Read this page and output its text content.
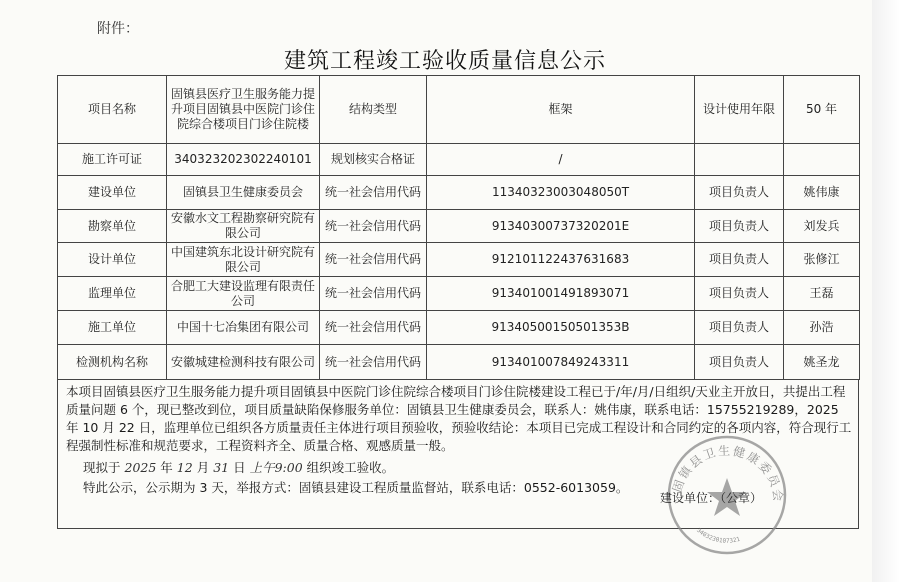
附件：
建筑工程竣工验收质量信息公示
项目名称	固镇县医疗卫生服务能力提升项目固镇县中医院门诊住院综合楼项目门诊住院楼	结构类型	框架	设计使用年限	50 年
施工许可证	340323202302240101	规划核实合格证	/		
建设单位	固镇县卫生健康委员会	统一社会信用代码	11340323003048050T	项目负责人	姚伟康
勘察单位	安徽水文工程勘察研究院有限公司	统一社会信用代码	91340300737320201E	项目负责人	刘发兵
设计单位	中国建筑东北设计研究院有限公司	统一社会信用代码	912101122437631683	项目负责人	张修江
监理单位	合肥工大建设监理有限责任公司	统一社会信用代码	913401001491893071	项目负责人	王磊
施工单位	中国十七冶集团有限公司	统一社会信用代码	91340500150501353B	项目负责人	孙浩
检测机构名称	安徽城建检测科技有限公司	统一社会信用代码	913401007849243311	项目负责人	姚圣龙
本项目固镇县医疗卫生服务能力提升项目固镇县中医院门诊住院综合楼项目门诊住院楼建设工程已于/年/月/日组织/天业主开放日，共提出工程质量问题 6 个，现已整改到位，项目质量缺陷保修服务单位：固镇县卫生健康委员会，联系人：姚伟康，联系电话：15755219289，2025 年 10 月 22 日，监理单位已组织各方质量责任主体进行项目预验收，预验收结论：本项目已完成工程设计和合同约定的各项内容，符合现行工程强制性标准和规范要求，工程资料齐全、质量合格、观感质量一般。
现拟于 2025 年 12 月 31 日 上午9:00 组织竣工验收。
特此公示，公示期为 3 天，举报方式：固镇县建设工程质量监督站，联系电话：0552-6013059。	固镇县卫生健康委员会
3403230107321
建设单位：（公章）
